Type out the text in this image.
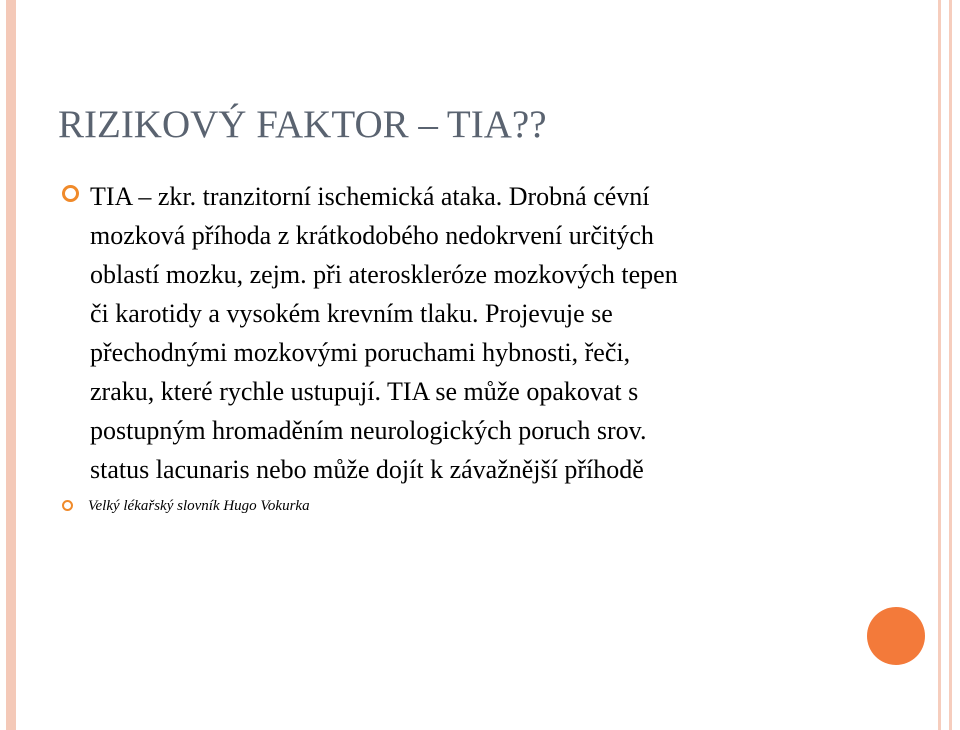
RIZIKOVÝ FAKTOR – TIA??
TIA – zkr. tranzitorní ischemická ataka. Drobná cévní
mozková příhoda z krátkodobého nedokrvení určitých
oblastí mozku, zejm. při ateroskleróze mozkových tepen
či karotidy a vysokém krevním tlaku. Projevuje se
přechodnými mozkovými poruchami hybnosti, řeči,
zraku, které rychle ustupují. TIA se může opakovat s
postupným hromaděním neurologických poruch srov.
status lacunaris nebo může dojít k závažnější příhodě

Velký lékařský slovník Hugo Vokurka
